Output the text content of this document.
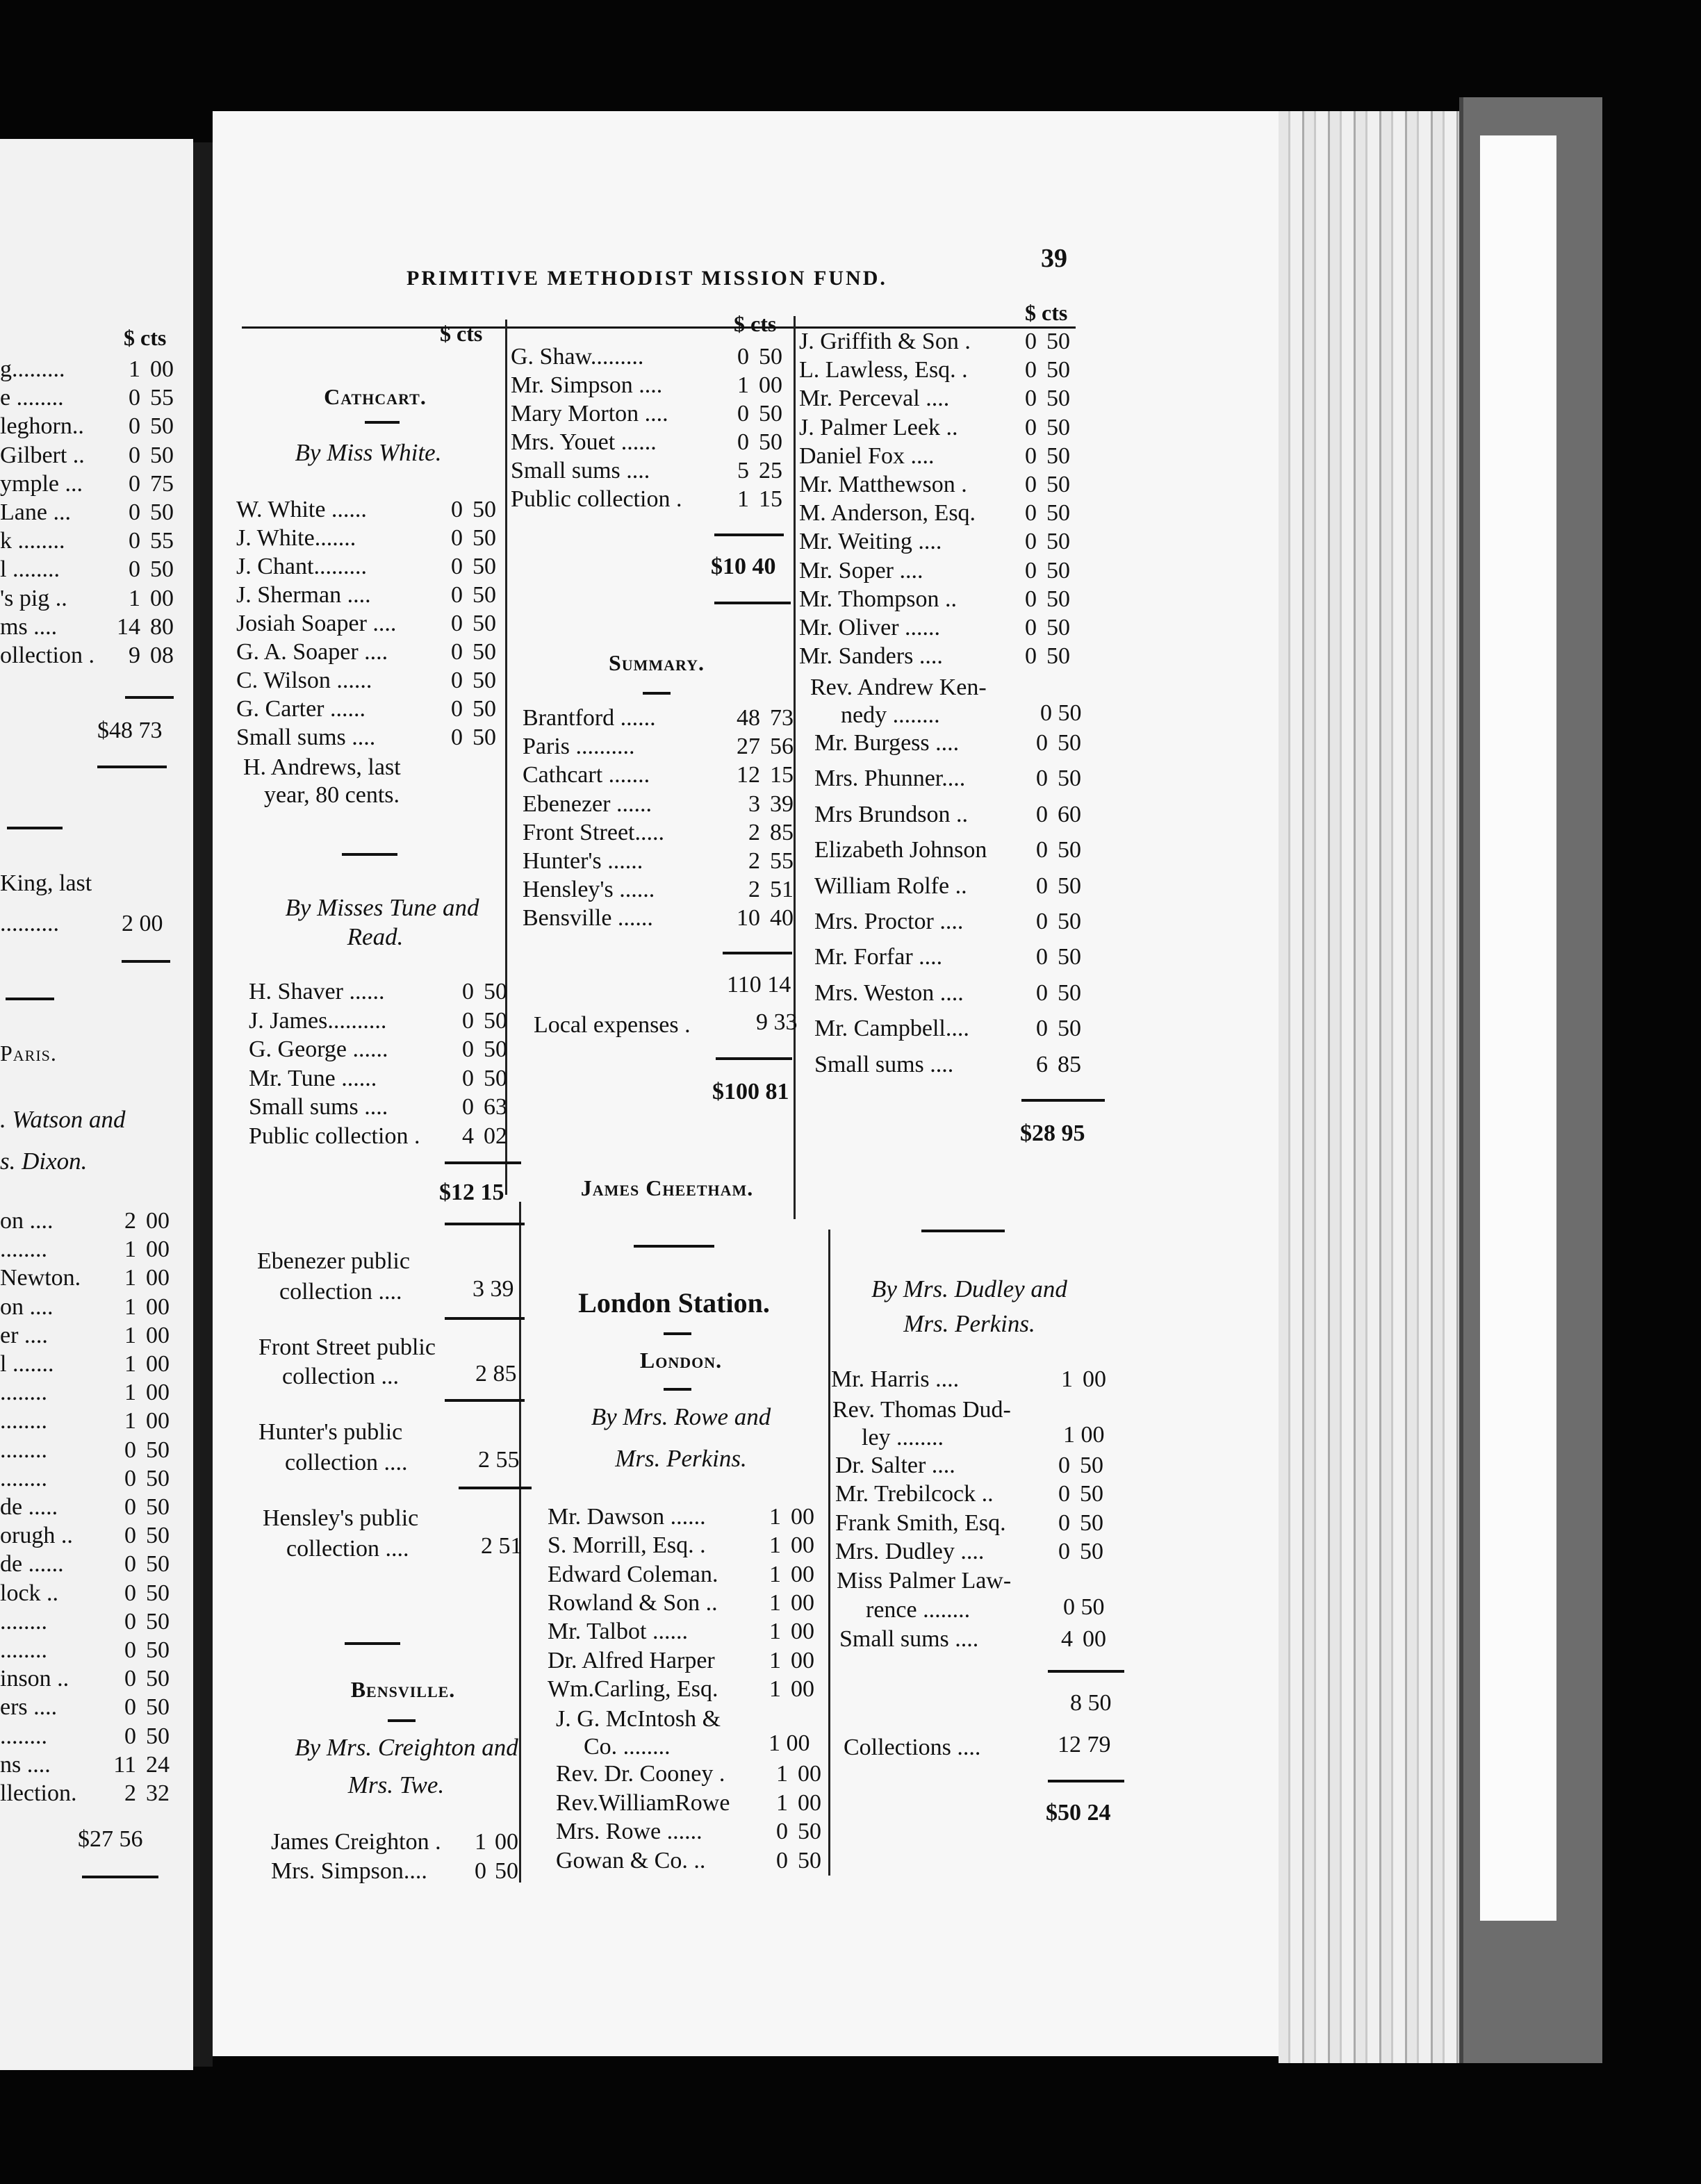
PRIMITIVE METHODIST MISSION FUND.
39
$ cts
g.........	1 00
e ........	0 55
leghorn..	0 50
Gilbert ..	0 50
ymple ...	0 75
Lane ...	0 50
k ........	0 55
l ........	0 50
's pig ..	1 00
ms ....	14 80
ollection .	9 08
$48 73
King, last
..........	2 00
Paris.
. Watson and
s. Dixon.
on ....	2 00
........	1 00
Newton.	1 00
on ....	1 00
er ....	1 00
l .......	1 00
........	1 00
........	1 00
........	0 50
........	0 50
de .....	0 50
orugh ..	0 50
de ......	0 50
lock ..	0 50
........	0 50
........	0 50
inson ..	0 50
ers ....	0 50
........	0 50
ns ....	11 24
llection.	2 32
$27 56
$ cts
Cathcart.
By Miss White.
W. White ......	0 50
J. White.......	0 50
J. Chant.........	0 50
J. Sherman ....	0 50
Josiah Soaper ....	0 50
G. A. Soaper ....	0 50
C. Wilson ......	0 50
G. Carter ......	0 50
Small sums ....	0 50
H. Andrews, last
year, 80 cents.
By Misses Tune and
Read.
H. Shaver ......	0 50
J. James..........	0 50
G. George ......	0 50
Mr. Tune ......	0 50
Small sums ....	0 63
Public collection .	4 02
$12 15
Ebenezer public
collection ....	3 39
Front Street public
collection ...	2 85
Hunter's public
collection ....	2 55
Hensley's public
collection ....	2 51
Bensville.
By Mrs. Creighton and
Mrs. Twe.
James Creighton .	1 00
Mrs. Simpson....	0 50
$ cts
G. Shaw.........	0 50
Mr. Simpson ....	1 00
Mary Morton ....	0 50
Mrs. Youet ......	0 50
Small sums ....	5 25
Public collection .	1 15
$10 40
Summary.
Brantford ......	48 73
Paris ..........	27 56
Cathcart .......	12 15
Ebenezer ......	3 39
Front Street.....	2 85
Hunter's ......	2 55
Hensley's ......	2 51
Bensville ......	10 40
110 14
Local expenses .	9 33
$100 81
James Cheetham.
London Station.
London.
By Mrs. Rowe and
Mrs. Perkins.
Mr. Dawson ......	1 00
S. Morrill, Esq. .	1 00
Edward Coleman.	1 00
Rowland & Son ..	1 00
Mr. Talbot ......	1 00
Dr. Alfred Harper	1 00
Wm.Carling, Esq.	1 00
J. G. McIntosh &
Co. ........	1 00
Rev. Dr. Cooney .	1 00
Rev.WilliamRowe	1 00
Mrs. Rowe ......	0 50
Gowan & Co. ..	0 50
$ cts
J. Griffith & Son .	0 50
L. Lawless, Esq. .	0 50
Mr. Perceval ....	0 50
J. Palmer Leek ..	0 50
Daniel Fox ....	0 50
Mr. Matthewson .	0 50
M. Anderson, Esq.	0 50
Mr. Weiting ....	0 50
Mr. Soper ....	0 50
Mr. Thompson ..	0 50
Mr. Oliver ......	0 50
Mr. Sanders ....	0 50
Rev. Andrew Ken-
nedy ........	0 50
Mr. Burgess ....	0 50
Mrs. Phunner....	0 50
Mrs Brundson ..	0 60
Elizabeth Johnson	0 50
William Rolfe ..	0 50
Mrs. Proctor ....	0 50
Mr. Forfar ....	0 50
Mrs. Weston ....	0 50
Mr. Campbell....	0 50
Small sums ....	6 85
$28 95
By Mrs. Dudley and
Mrs. Perkins.
Mr. Harris ....	1 00
Rev. Thomas Dud-
ley ........	1 00
Dr. Salter ....	0 50
Mr. Trebilcock ..	0 50
Frank Smith, Esq.	0 50
Mrs. Dudley ....	0 50
Miss Palmer Law-
rence ........	0 50
Small sums ....	4 00
8 50
Collections ....	12 79
$50 24
